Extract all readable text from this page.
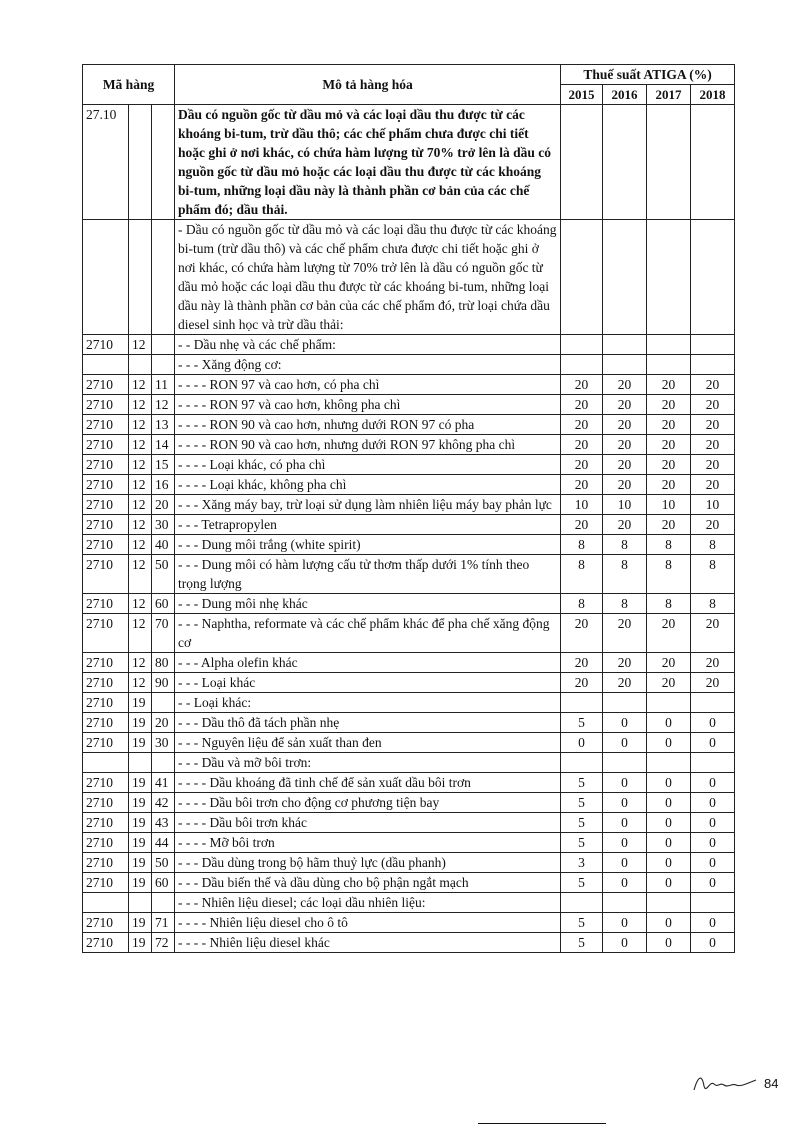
Mã hàng			Mô tả hàng hóa	Thuế suất ATIGA (%)			
				2015	2016	2017	2018
27.10			Dầu có nguồn gốc từ dầu mỏ và các loại dầu thu được từ các khoáng bi-tum, trừ dầu thô; các chế phẩm chưa được chi tiết hoặc ghi ở nơi khác, có chứa hàm lượng từ 70% trở lên là dầu có nguồn gốc từ dầu mỏ hoặc các loại dầu thu được từ các khoáng bi-tum, những loại dầu này là thành phần cơ bản của các chế phẩm đó; dầu thải.				
			- Dầu có nguồn gốc từ dầu mỏ và các loại dầu thu được từ các khoáng bi-tum (trừ dầu thô) và các chế phẩm chưa được chi tiết hoặc ghi ở nơi khác, có chứa hàm lượng từ 70% trở lên là dầu có nguồn gốc từ dầu mỏ hoặc các loại dầu thu được từ các khoáng bi-tum, những loại dầu này là thành phần cơ bản của các chế phẩm đó, trừ loại chứa dầu diesel sinh học và trừ dầu thải:				
2710	12		- - Dầu nhẹ và các chế phẩm:				
			- - - Xăng động cơ:				
2710	12	11	- - - - RON 97 và cao hơn, có pha chì	20	20	20	20
2710	12	12	- - - - RON 97 và cao hơn, không pha chì	20	20	20	20
2710	12	13	- - - - RON 90 và cao hơn, nhưng dưới RON 97 có pha	20	20	20	20
2710	12	14	- - - - RON 90 và cao hơn, nhưng dưới RON 97 không pha chì	20	20	20	20
2710	12	15	- - - - Loại khác, có pha chì	20	20	20	20
2710	12	16	- - - - Loại khác, không pha chì	20	20	20	20
2710	12	20	- - - Xăng máy bay, trừ loại sử dụng làm nhiên liệu máy bay phản lực	10	10	10	10
2710	12	30	- - - Tetrapropylen	20	20	20	20
2710	12	40	- - - Dung môi trắng (white spirit)	8	8	8	8
2710	12	50	- - - Dung môi có hàm lượng cấu tử thơm thấp dưới 1% tính theo trọng lượng	8	8	8	8
2710	12	60	- - - Dung môi nhẹ khác	8	8	8	8
2710	12	70	- - - Naphtha, reformate và các chế phẩm khác để pha chế xăng động cơ	20	20	20	20
2710	12	80	- - - Alpha olefin khác	20	20	20	20
2710	12	90	- - - Loại khác	20	20	20	20
2710	19		- - Loại khác:				
2710	19	20	- - - Dầu thô đã tách phần nhẹ	5	0	0	0
2710	19	30	- - - Nguyên liệu để sản xuất than đen	0	0	0	0
			- - - Dầu và mỡ bôi trơn:				
2710	19	41	- - - - Dầu khoáng đã tinh chế để sản xuất dầu bôi trơn	5	0	0	0
2710	19	42	- - - - Dầu bôi trơn cho động cơ phương tiện bay	5	0	0	0
2710	19	43	- - - - Dầu bôi trơn khác	5	0	0	0
2710	19	44	- - - - Mỡ bôi trơn	5	0	0	0
2710	19	50	- - - Dầu dùng trong bộ hãm thuỷ lực (dầu phanh)	3	0	0	0
2710	19	60	- - - Dầu biến thế và dầu dùng cho bộ phận ngắt mạch	5	0	0	0
			- - - Nhiên liệu diesel; các loại dầu nhiên liệu:				
2710	19	71	- - - - Nhiên liệu diesel cho ô tô	5	0	0	0
2710	19	72	- - - - Nhiên liệu diesel khác	5	0	0	0
84
